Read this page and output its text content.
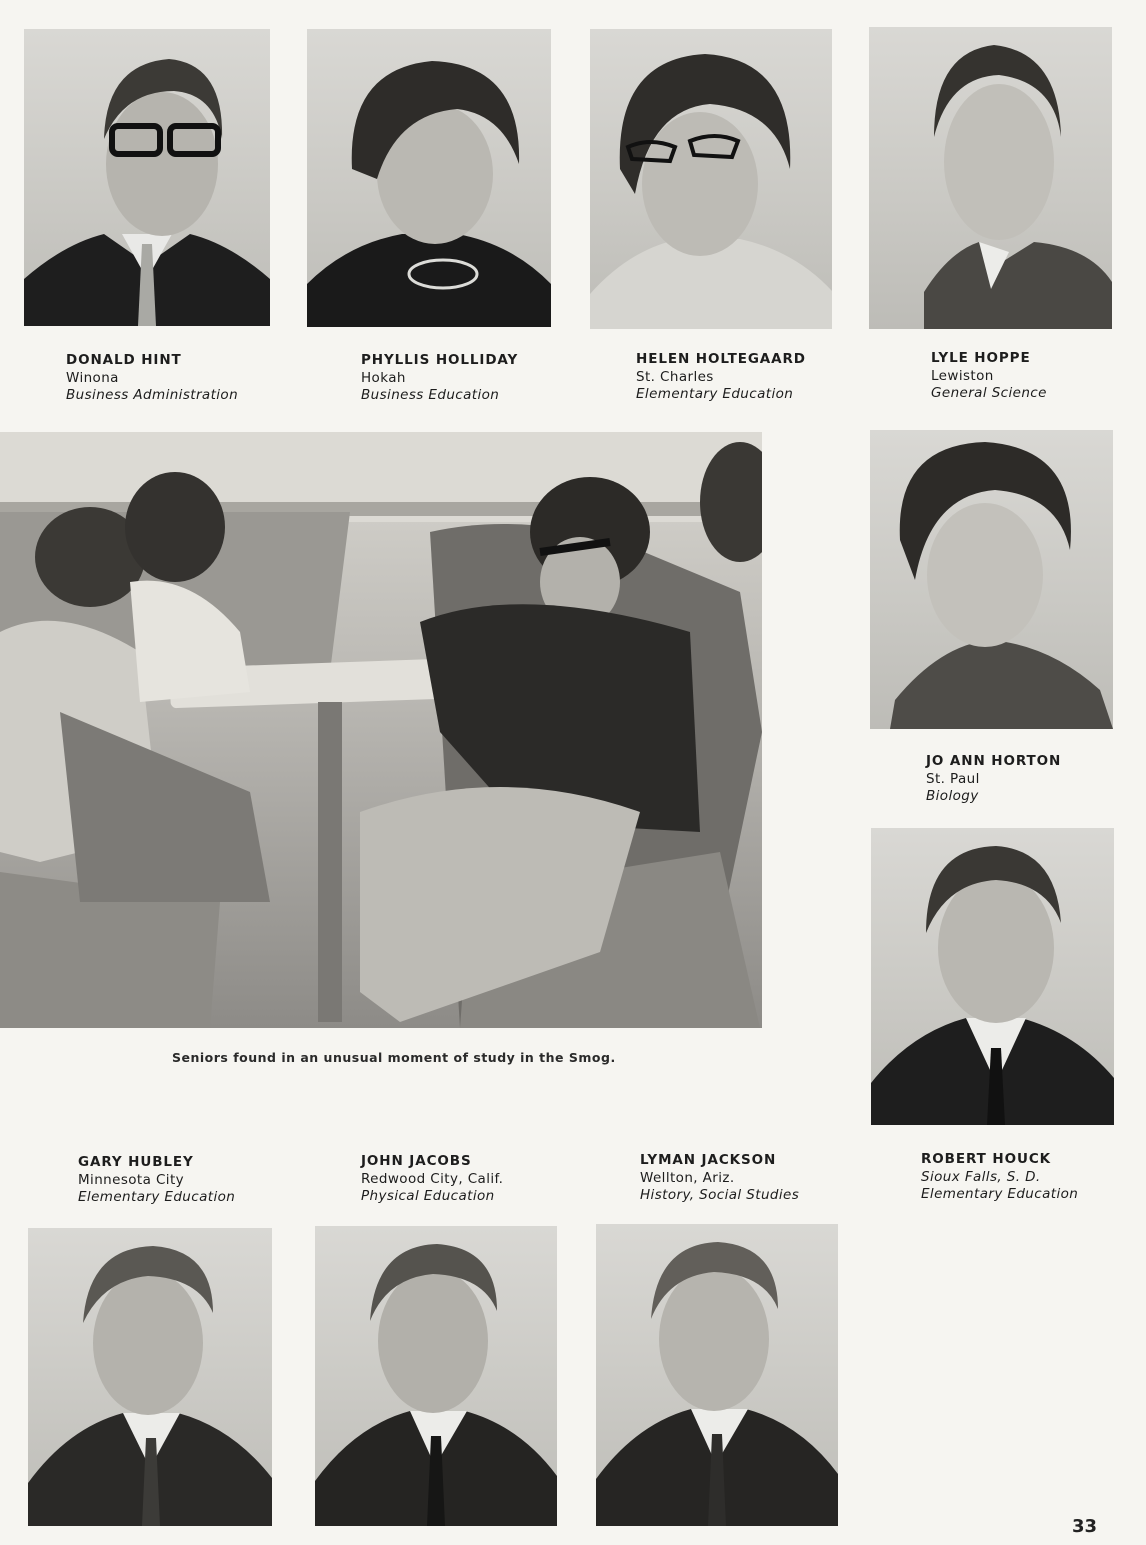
DONALD HINT
Winona
Business Administration
PHYLLIS HOLLIDAY
Hokah
Business Education
HELEN HOLTEGAARD
St. Charles
Elementary Education
LYLE HOPPE
Lewiston
General Science
Seniors found in an unusual moment of study in the Smog.
JO ANN HORTON
St. Paul
Biology
ROBERT HOUCK
Sioux Falls, S. D.
Elementary Education
GARY HUBLEY
Minnesota City
Elementary Education
JOHN JACOBS
Redwood City, Calif.
Physical Education
LYMAN JACKSON
Wellton, Ariz.
History, Social Studies
33
